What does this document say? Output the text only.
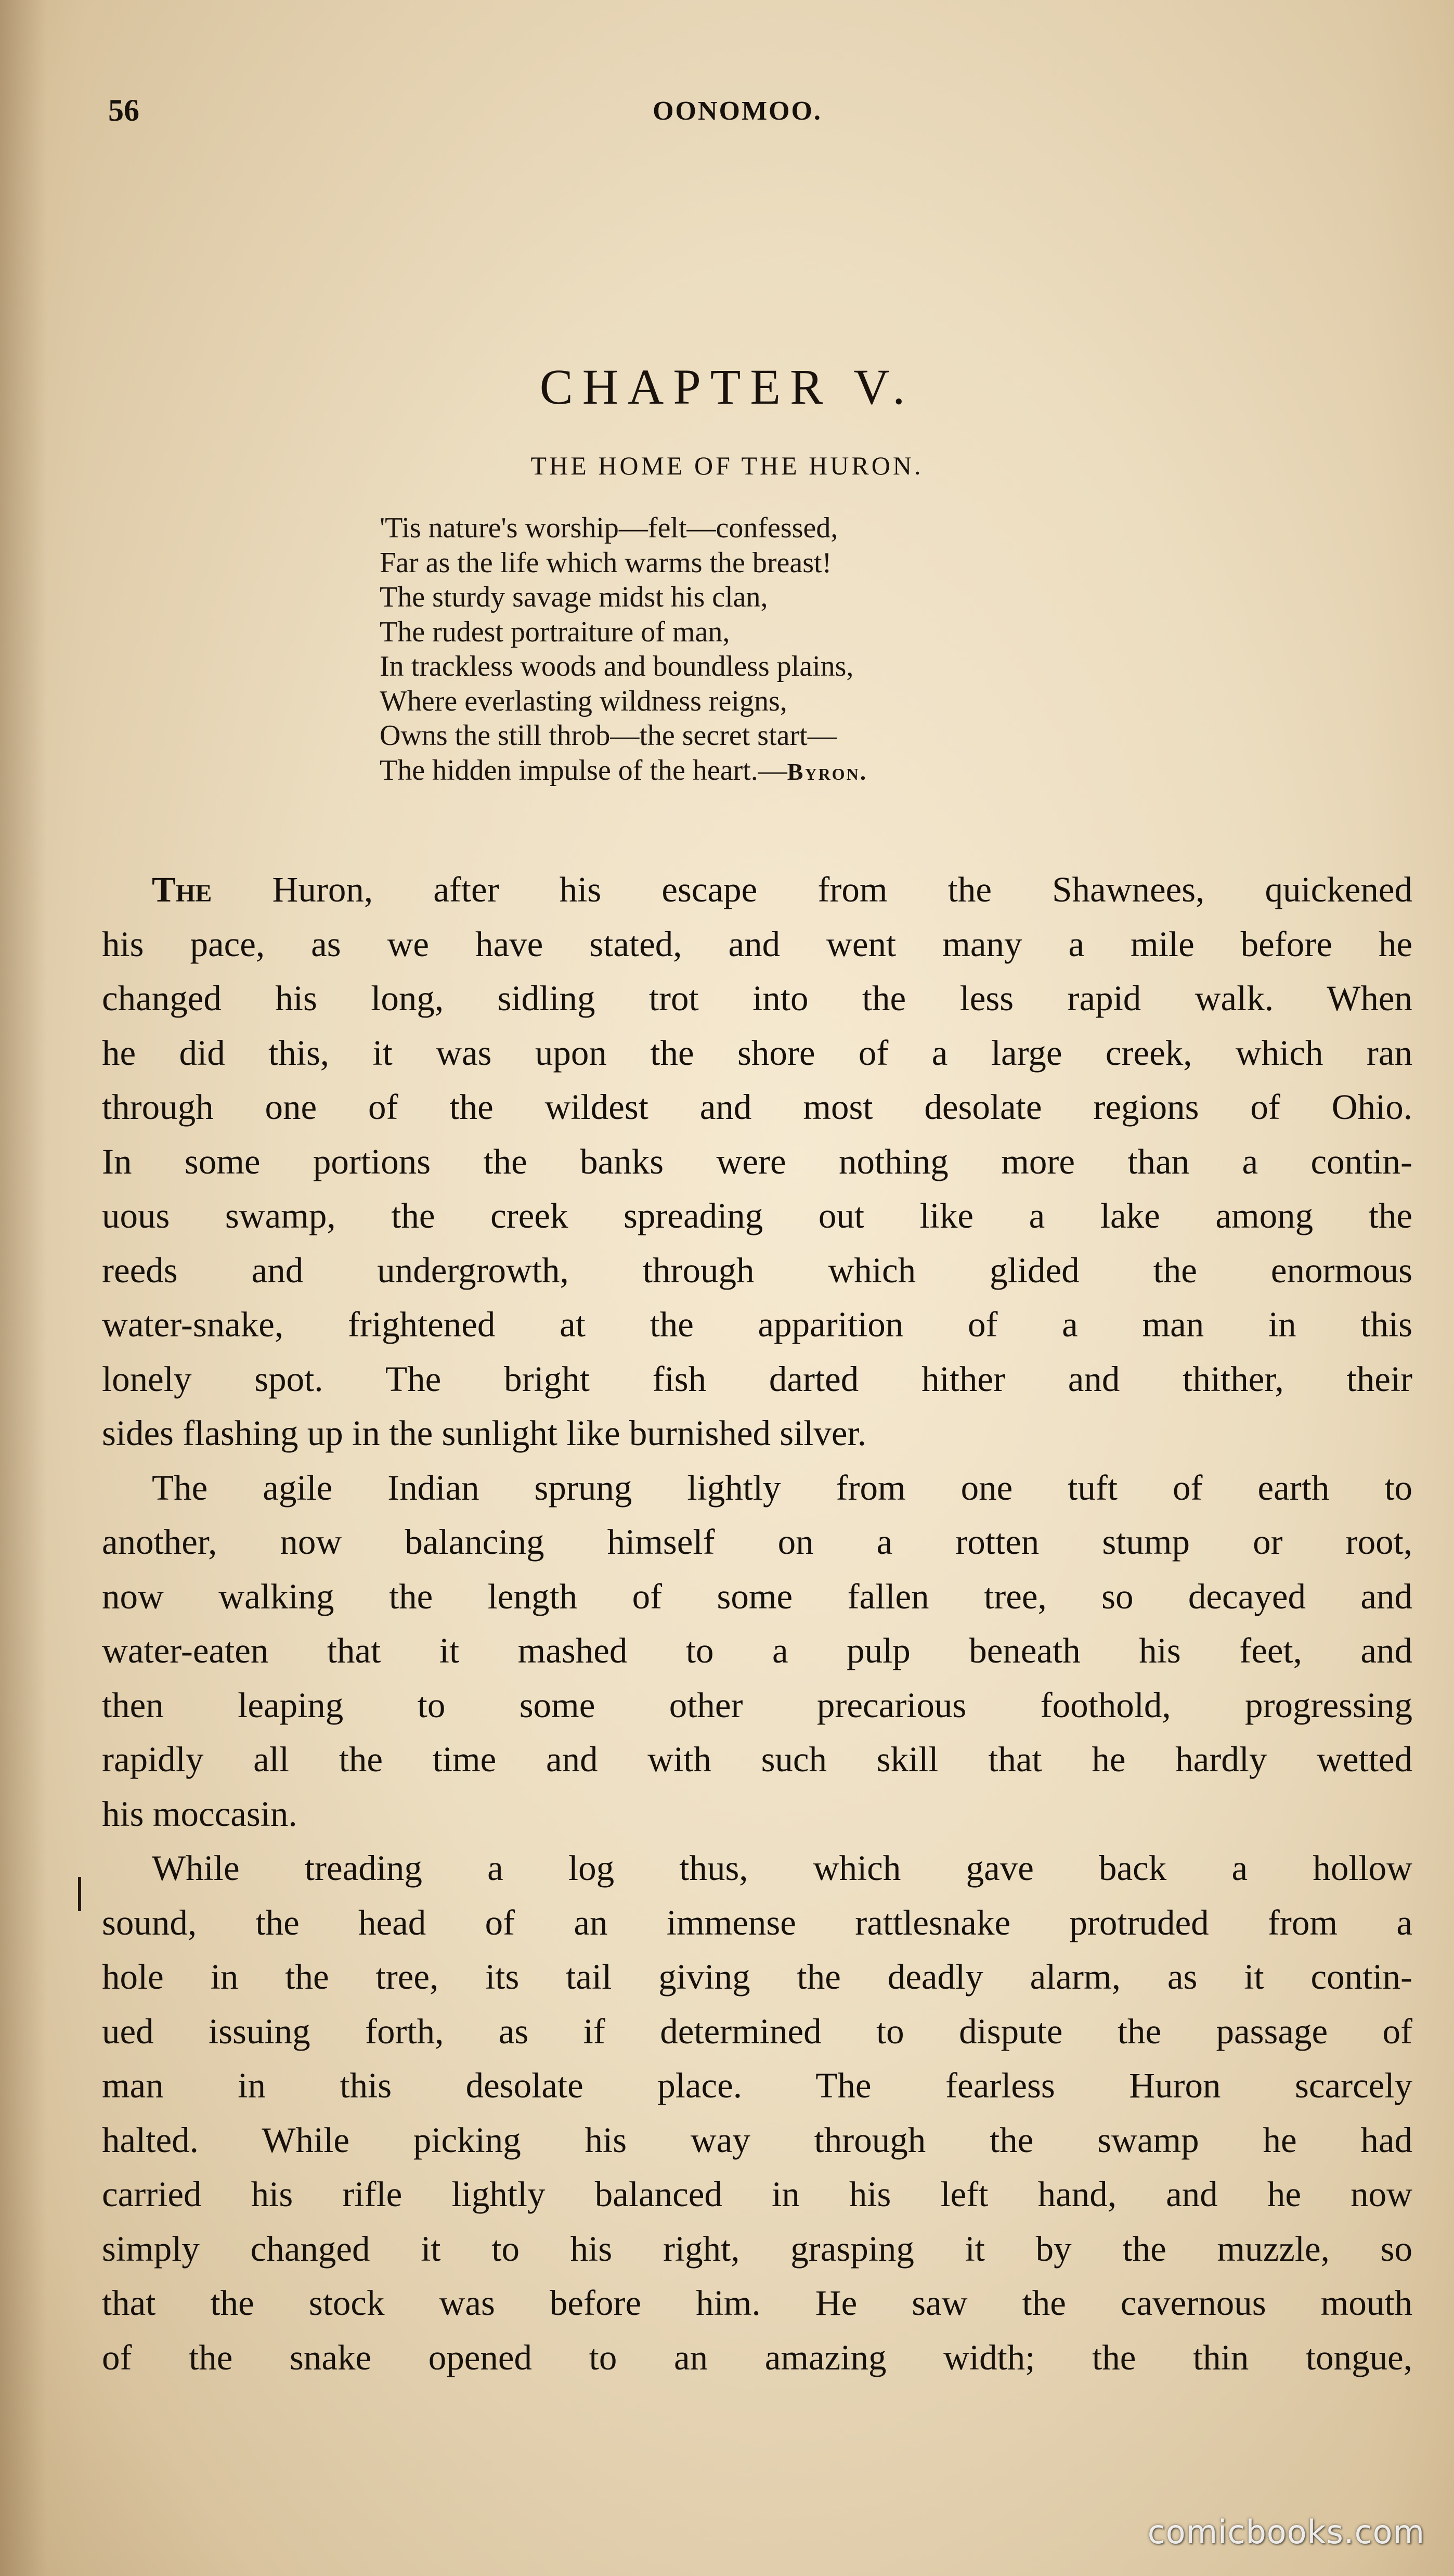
56	OONOMOO.
CHAPTER V.
THE HOME OF THE HURON.
'Tis nature's worship—felt—confessed,
Far as the life which warms the breast!
The sturdy savage midst his clan,
The rudest portraiture of man,
In trackless woods and boundless plains,
Where everlasting wildness reigns,
Owns the still throb—the secret start—
The hidden impulse of the heart.—Byron.
The Huron, after his escape from the Shawnees, quickened
his pace, as we have stated, and went many a mile before he
changed his long, sidling trot into the less rapid walk. When
he did this, it was upon the shore of a large creek, which ran
through one of the wildest and most desolate regions of Ohio.
In some portions the banks were nothing more than a contin-
uous swamp, the creek spreading out like a lake among the
reeds and undergrowth, through which glided the enormous
water-snake, frightened at the apparition of a man in this
lonely spot. The bright fish darted hither and thither, their
sides flashing up in the sunlight like burnished silver.
The agile Indian sprung lightly from one tuft of earth to
another, now balancing himself on a rotten stump or root,
now walking the length of some fallen tree, so decayed and
water-eaten that it mashed to a pulp beneath his feet, and
then leaping to some other precarious foothold, progressing
rapidly all the time and with such skill that he hardly wetted
his moccasin.
While treading a log thus, which gave back a hollow
sound, the head of an immense rattlesnake protruded from a
hole in the tree, its tail giving the deadly alarm, as it contin-
ued issuing forth, as if determined to dispute the passage of
man in this desolate place. The fearless Huron scarcely
halted. While picking his way through the swamp he had
carried his rifle lightly balanced in his left hand, and he now
simply changed it to his right, grasping it by the muzzle, so
that the stock was before him. He saw the cavernous mouth
of the snake opened to an amazing width; the thin tongue,
comicbooks.com
